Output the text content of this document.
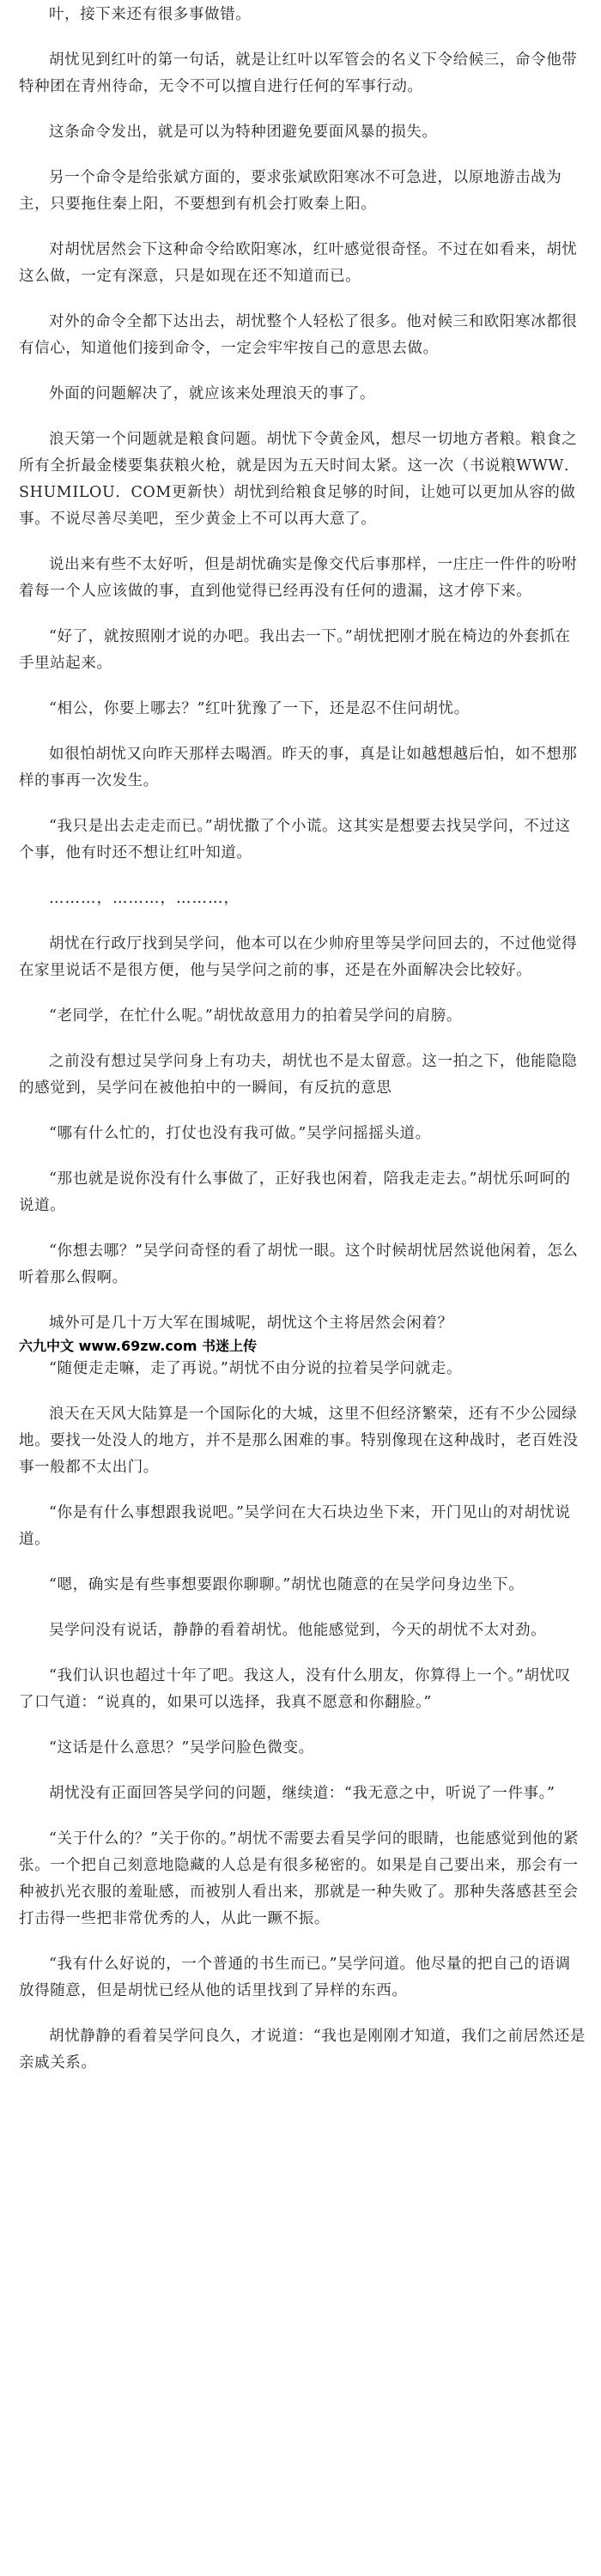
叶，接下来还有很多事做错。

胡忧见到红叶的第一句话，就是让红叶以军管会的名义下令给候三，命令他带特种团在青州待命，无令不可以擅自进行任何的军事行动。

这条命令发出，就是可以为特种团避免要面风暴的损失。

另一个命令是给张斌方面的，要求张斌欧阳寒冰不可急进，以原地游击战为主，只要拖住秦上阳，不要想到有机会打败秦上阳。

对胡忧居然会下这种命令给欧阳寒冰，红叶感觉很奇怪。不过在如看来，胡忧这么做，一定有深意，只是如现在还不知道而已。

对外的命令全都下达出去，胡忧整个人轻松了很多。他对候三和欧阳寒冰都很有信心，知道他们接到命令，一定会牢牢按自己的意思去做。

外面的问题解决了，就应该来处理浪天的事了。

浪天第一个问题就是粮食问题。胡忧下令黄金风，想尽一切地方者粮。粮食之所有全折最金楼要集获粮火枪，就是因为五天时间太紧。这一次（书说粮WWW．SHUMILOU．COM更新快）胡忧到给粮食足够的时间，让她可以更加从容的做事。不说尽善尽美吧，至少黄金上不可以再大意了。

说出来有些不太好听，但是胡忧确实是像交代后事那样，一庄庄一件件的吩咐着每一个人应该做的事，直到他觉得已经再没有任何的遗漏，这才停下来。

“好了，就按照刚才说的办吧。我出去一下。”胡忧把刚才脱在椅边的外套抓在手里站起来。

“相公，你要上哪去？”红叶犹豫了一下，还是忍不住问胡忧。

如很怕胡忧又向昨天那样去喝酒。昨天的事，真是让如越想越后怕，如不想那样的事再一次发生。

“我只是出去走走而已。”胡忧撒了个小谎。这其实是想要去找吴学问，不过这个事，他有时还不想让红叶知道。

………，………，………，

胡忧在行政厅找到吴学问，他本可以在少帅府里等吴学问回去的，不过他觉得在家里说话不是很方便，他与吴学问之前的事，还是在外面解决会比较好。

“老同学，在忙什么呢。”胡忧故意用力的拍着吴学问的肩膀。

之前没有想过吴学问身上有功夫，胡忧也不是太留意。这一拍之下，他能隐隐的感觉到，吴学问在被他拍中的一瞬间，有反抗的意思

“哪有什么忙的，打仗也没有我可做。”吴学问摇摇头道。

“那也就是说你没有什么事做了，正好我也闲着，陪我走走去。”胡忧乐呵呵的说道。

“你想去哪？”吴学问奇怪的看了胡忧一眼。这个时候胡忧居然说他闲着，怎么听着那么假啊。

城外可是几十万大军在围城呢，胡忧这个主将居然会闲着？

六九中文 www.69zw.com 书迷上传

“随便走走嘛，走了再说。”胡忧不由分说的拉着吴学问就走。

浪天在天风大陆算是一个国际化的大城，这里不但经济繁荣，还有不少公园绿地。要找一处没人的地方，并不是那么困难的事。特别像现在这种战时，老百姓没事一般都不太出门。

“你是有什么事想跟我说吧。”吴学问在大石块边坐下来，开门见山的对胡忧说道。

“嗯，确实是有些事想要跟你聊聊。”胡忧也随意的在吴学问身边坐下。

吴学问没有说话，静静的看着胡忧。他能感觉到，今天的胡忧不太对劲。

“我们认识也超过十年了吧。我这人，没有什么朋友，你算得上一个。”胡忧叹了口气道：“说真的，如果可以选择，我真不愿意和你翻脸。”

“这话是什么意思？”吴学问脸色微变。

胡忧没有正面回答吴学问的问题，继续道：“我无意之中，听说了一件事。”

“关于什么的？”关于你的。”胡忧不需要去看吴学问的眼睛，也能感觉到他的紧张。一个把自己刻意地隐藏的人总是有很多秘密的。如果是自己要出来，那会有一种被扒光衣服的羞耻感，而被别人看出来，那就是一种失败了。那种失落感甚至会打击得一些把非常优秀的人，从此一蹶不振。

“我有什么好说的，一个普通的书生而已。”吴学问道。他尽量的把自己的语调放得随意，但是胡忧已经从他的话里找到了异样的东西。

胡忧静静的看着吴学问良久，才说道：“我也是刚刚才知道，我们之前居然还是亲戚关系。
